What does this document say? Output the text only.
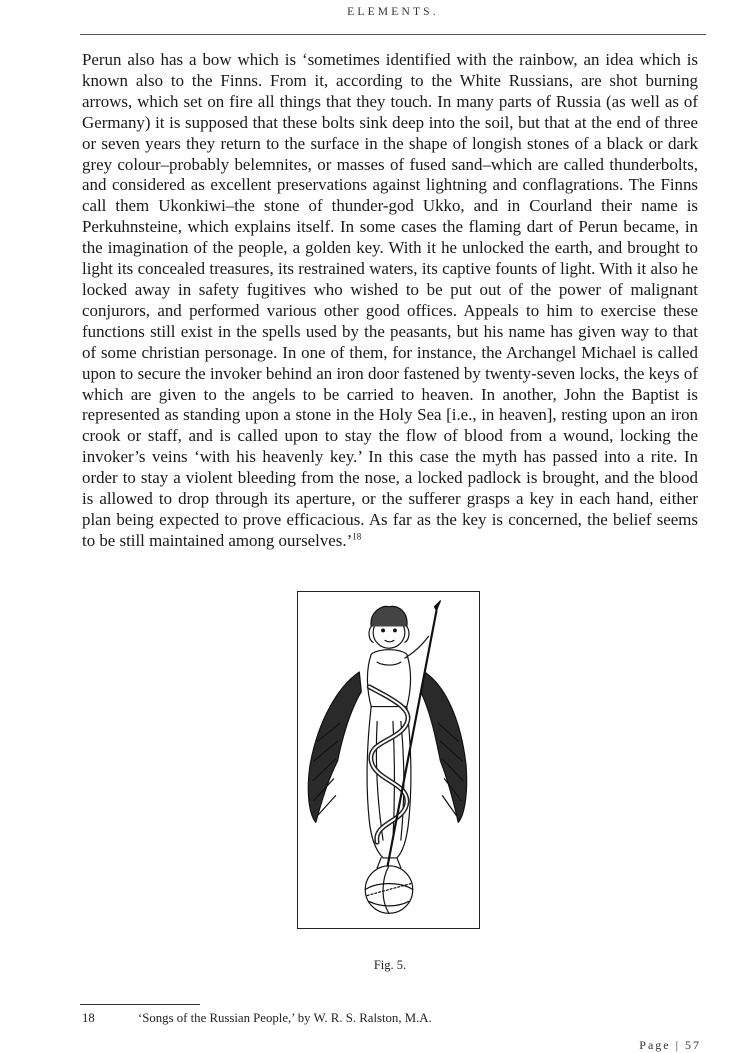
ELEMENTS.

Perun also has a bow which is ‘sometimes identified with the rainbow, an idea which is known also to the Finns. From it, according to the White Russians, are shot burning arrows, which set on fire all things that they touch. In many parts of Russia (as well as of Germany) it is supposed that these bolts sink deep into the soil, but that at the end of three or seven years they return to the surface in the shape of longish stones of a black or dark grey colour–probably belemnites, or masses of fused sand–which are called thunderbolts, and considered as excellent preservations against lightning and conflagrations. The Finns call them Ukonkiwi–the stone of thunder-god Ukko, and in Courland their name is Perkuhnsteine, which explains itself. In some cases the flaming dart of Perun became, in the imagination of the people, a golden key. With it he unlocked the earth, and brought to light its concealed treasures, its restrained waters, its captive founts of light. With it also he locked away in safety fugitives who wished to be put out of the power of malignant conjurors, and performed various other good offices. Appeals to him to exercise these functions still exist in the spells used by the peasants, but his name has given way to that of some christian personage. In one of them, for instance, the Archangel Michael is called upon to secure the invoker behind an iron door fastened by twenty-seven locks, the keys of which are given to the angels to be carried to heaven. In another, John the Baptist is represented as standing upon a stone in the Holy Sea [i.e., in heaven], resting upon an iron crook or staff, and is called upon to stay the flow of blood from a wound, locking the invoker’s veins ‘with his heavenly key.’ In this case the myth has passed into a rite. In order to stay a violent bleeding from the nose, a locked padlock is brought, and the blood is allowed to drop through its aperture, or the sufferer grasps a key in each hand, either plan being expected to prove efficacious. As far as the key is concerned, the belief seems to be still maintained among ourselves.’$^{18}$

Fig. 5.
18	‘Songs of the Russian People,’ by W. R. S. Ralston, M.A.
Page | 57
